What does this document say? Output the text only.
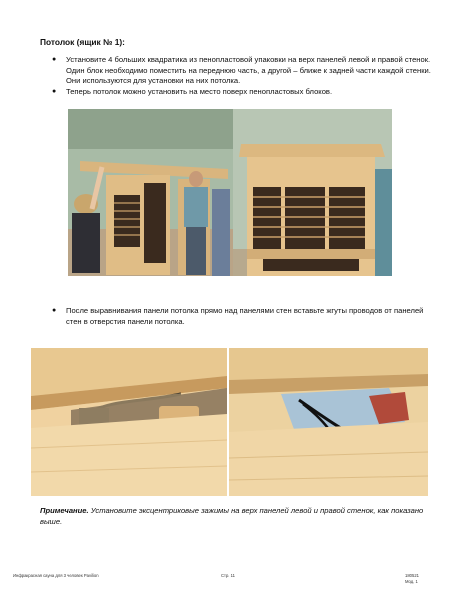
Потолок (ящик № 1):
● Установите 4 больших квадратика из пенопластовой упаковки на верх панелей левой и правой стенок. Один блок необходимо поместить на переднюю часть, а другой – ближе к задней части каждой стенки. Они используются для установки на них потолка.
● Теперь потолок можно установить на место поверх пенопластовых блоков.
● После выравнивания панели потолка прямо над панелями стен вставьте жгуты проводов от панелей стен в отверстия панели потолка.

Примечание. Установите эксцентриковые зажимы на верх панелей левой и правой стенок, как показано выше.

Инфракрасная сауна для 3 человек Pavilion	Стр. 11	180521
Мод. 1
